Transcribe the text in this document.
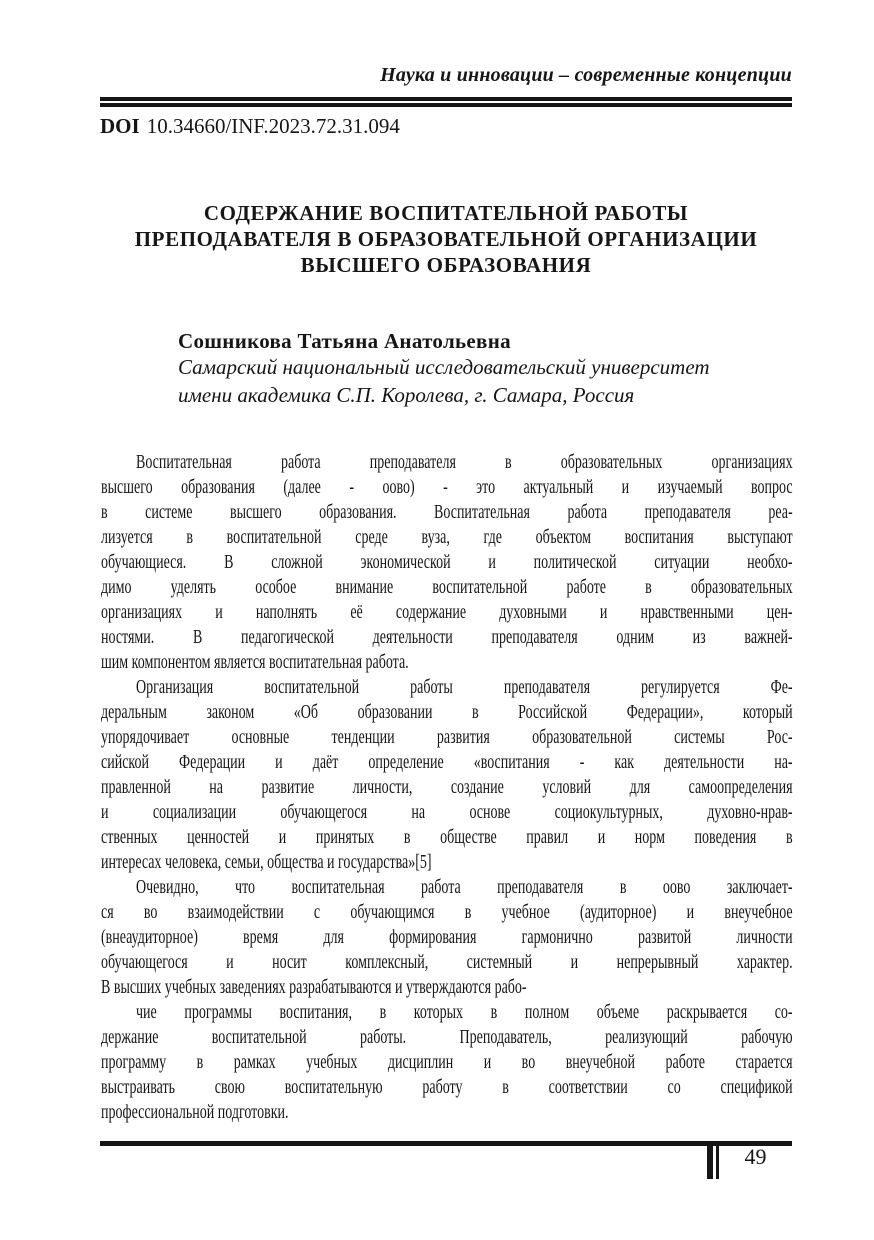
Наука и инновации – современные концепции
DOI 10.34660/INF.2023.72.31.094
СОДЕРЖАНИЕ ВОСПИТАТЕЛЬНОЙ РАБОТЫ
ПРЕПОДАВАТЕЛЯ В ОБРАЗОВАТЕЛЬНОЙ ОРГАНИЗАЦИИ
ВЫСШЕГО ОБРАЗОВАНИЯ
Сошникова Татьяна Анатольевна
Самарский национальный исследовательский университет
имени академика С.П. Королева, г. Самара, Россия
Воспитательная работа преподавателя в образовательных организациях
высшего образования (далее - оово) - это актуальный и изучаемый вопрос
в системе высшего образования. Воспитательная работа преподавателя реа-
лизуется в воспитательной среде вуза, где объектом воспитания выступают
обучающиеся. В сложной экономической и политической ситуации необхо-
димо уделять особое внимание воспитательной работе в образовательных
организациях и наполнять её содержание духовными и нравственными цен-
ностями. В педагогической деятельности преподавателя одним из важней-
шим компонентом является воспитательная работа.
Организация воспитательной работы преподавателя регулируется Фе-
деральным законом «Об образовании в Российской Федерации», который
упорядочивает основные тенденции развития образовательной системы Рос-
сийской Федерации и даёт определение «воспитания - как деятельности на-
правленной на развитие личности, создание условий для самоопределения
и социализации обучающегося на основе социокультурных, духовно-нрав-
ственных ценностей и принятых в обществе правил и норм поведения в
интересах человека, семьи, общества и государства»[5]
Очевидно, что воспитательная работа преподавателя в оово заключает-
ся во взаимодействии с обучающимся в учебное (аудиторное) и внеучебное
(внеаудиторное) время для формирования гармонично развитой личности
обучающегося и носит комплексный, системный и непрерывный характер.
В высших учебных заведениях разрабатываются и утверждаются рабо-
чие программы воспитания, в которых в полном объеме раскрывается со-
держание воспитательной работы. Преподаватель, реализующий рабочую
программу в рамках учебных дисциплин и во внеучебной работе старается
выстраивать свою воспитательную работу в соответствии со спецификой
профессиональной подготовки.
49
